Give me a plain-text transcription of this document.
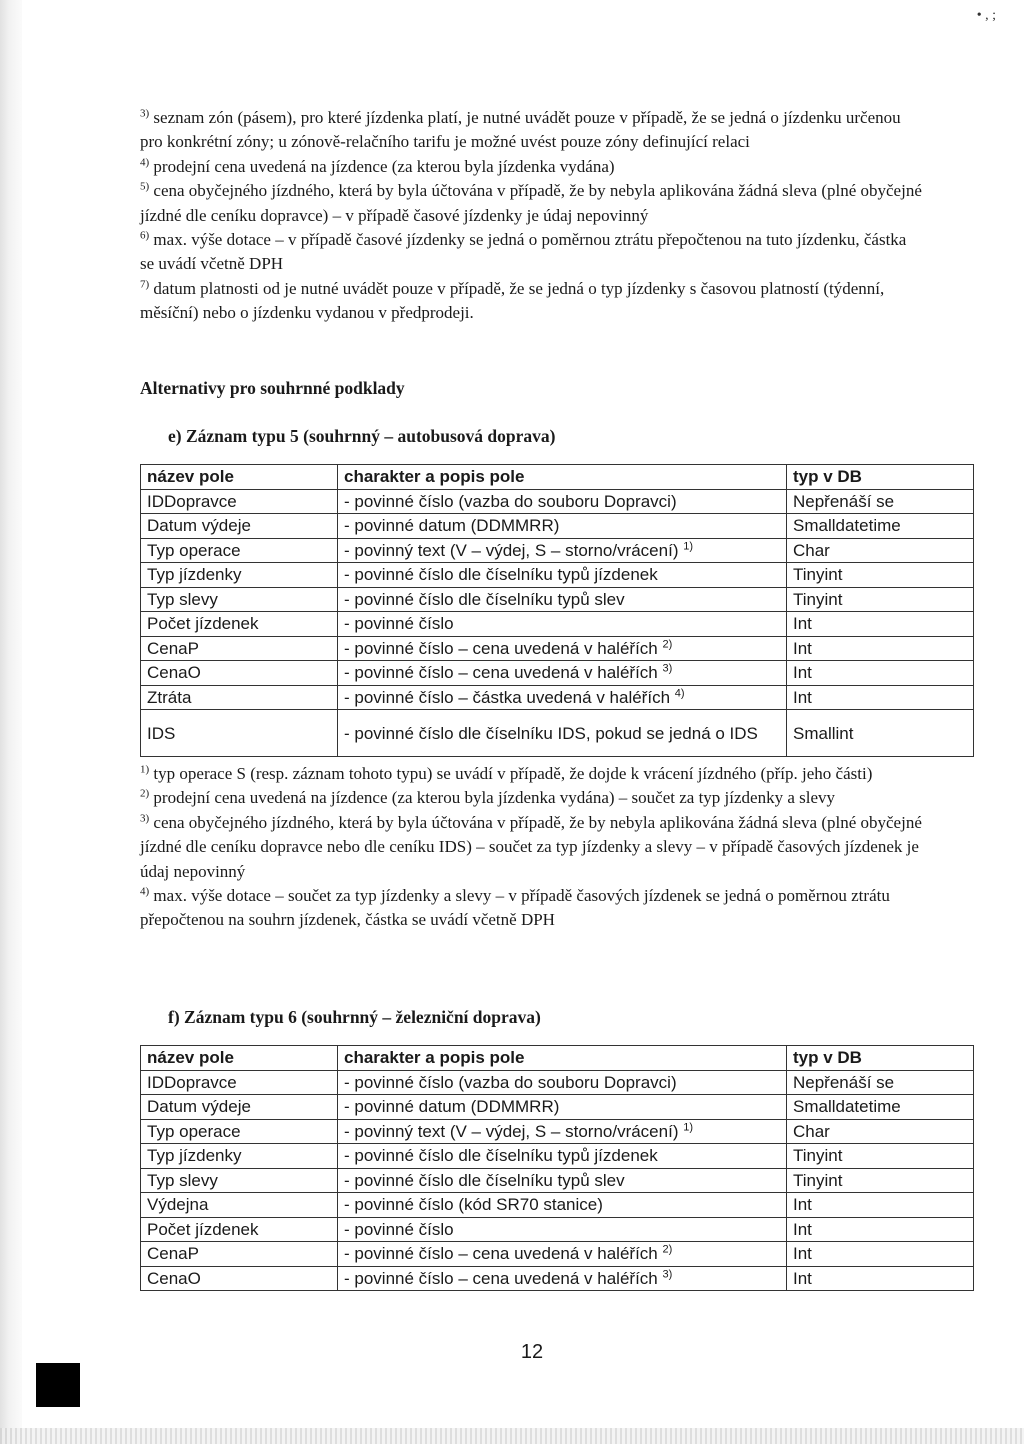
• , ;

$^{3)}$ seznam zón (pásem), pro které jízdenka platí, je nutné uvádět pouze v případě, že se jedná o jízdenku určenou pro konkrétní zóny; u zónově-relačního tarifu je možné uvést pouze zóny definující relaci

$^{4)}$ prodejní cena uvedená na jízdence (za kterou byla jízdenka vydána)

$^{5)}$ cena obyčejného jízdného, která by byla účtována v případě, že by nebyla aplikována žádná sleva (plné obyčejné jízdné dle ceníku dopravce) – v případě časové jízdenky je údaj nepovinný

$^{6)}$ max. výše dotace – v případě časové jízdenky se jedná o poměrnou ztrátu přepočtenou na tuto jízdenku, částka se uvádí včetně DPH

$^{7)}$ datum platnosti od je nutné uvádět pouze v případě, že se jedná o typ jízdenky s časovou platností (týdenní, měsíční) nebo o jízdenku vydanou v předprodeji.

Alternativy pro souhrnné podklady
e) Záznam typu 5 (souhrnný – autobusová doprava)
název pole	charakter a popis pole	typ v DB
IDDopravce	- povinné číslo (vazba do souboru Dopravci)	Nepřenáší se
Datum výdeje	- povinné datum (DDMMRR)	Smalldatetime
Typ operace	- povinný text (V – výdej, S – storno/vrácení) $^{1)}$	Char
Typ jízdenky	- povinné číslo dle číselníku typů jízdenek	Tinyint
Typ slevy	- povinné číslo dle číselníku typů slev	Tinyint
Počet jízdenek	- povinné číslo	Int
CenaP	- povinné číslo – cena uvedená v haléřích $^{2)}$	Int
CenaO	- povinné číslo – cena uvedená v haléřích $^{3)}$	Int
Ztráta	- povinné číslo – částka uvedená v haléřích $^{4)}$	Int
IDS	- povinné číslo dle číselníku IDS, pokud se jedná o IDS	Smallint

$^{1)}$ typ operace S (resp. záznam tohoto typu) se uvádí v případě, že dojde k vrácení jízdného (příp. jeho části)

$^{2)}$ prodejní cena uvedená na jízdence (za kterou byla jízdenka vydána) – součet za typ jízdenky a slevy

$^{3)}$ cena obyčejného jízdného, která by byla účtována v případě, že by nebyla aplikována žádná sleva (plné obyčejné jízdné dle ceníku dopravce nebo dle ceníku IDS) – součet za typ jízdenky a slevy – v případě časových jízdenek je údaj nepovinný

$^{4)}$ max. výše dotace – součet za typ jízdenky a slevy – v případě časových jízdenek se jedná o poměrnou ztrátu přepočtenou na souhrn jízdenek, částka se uvádí včetně DPH

f) Záznam typu 6 (souhrnný – železniční doprava)
název pole	charakter a popis pole	typ v DB
IDDopravce	- povinné číslo (vazba do souboru Dopravci)	Nepřenáší se
Datum výdeje	- povinné datum (DDMMRR)	Smalldatetime
Typ operace	- povinný text (V – výdej, S – storno/vrácení) $^{1)}$	Char
Typ jízdenky	- povinné číslo dle číselníku typů jízdenek	Tinyint
Typ slevy	- povinné číslo dle číselníku typů slev	Tinyint
Výdejna	- povinné číslo (kód SR70 stanice)	Int
Počet jízdenek	- povinné číslo	Int
CenaP	- povinné číslo – cena uvedená v haléřích $^{2)}$	Int
CenaO	- povinné číslo – cena uvedená v haléřích $^{3)}$	Int
12
